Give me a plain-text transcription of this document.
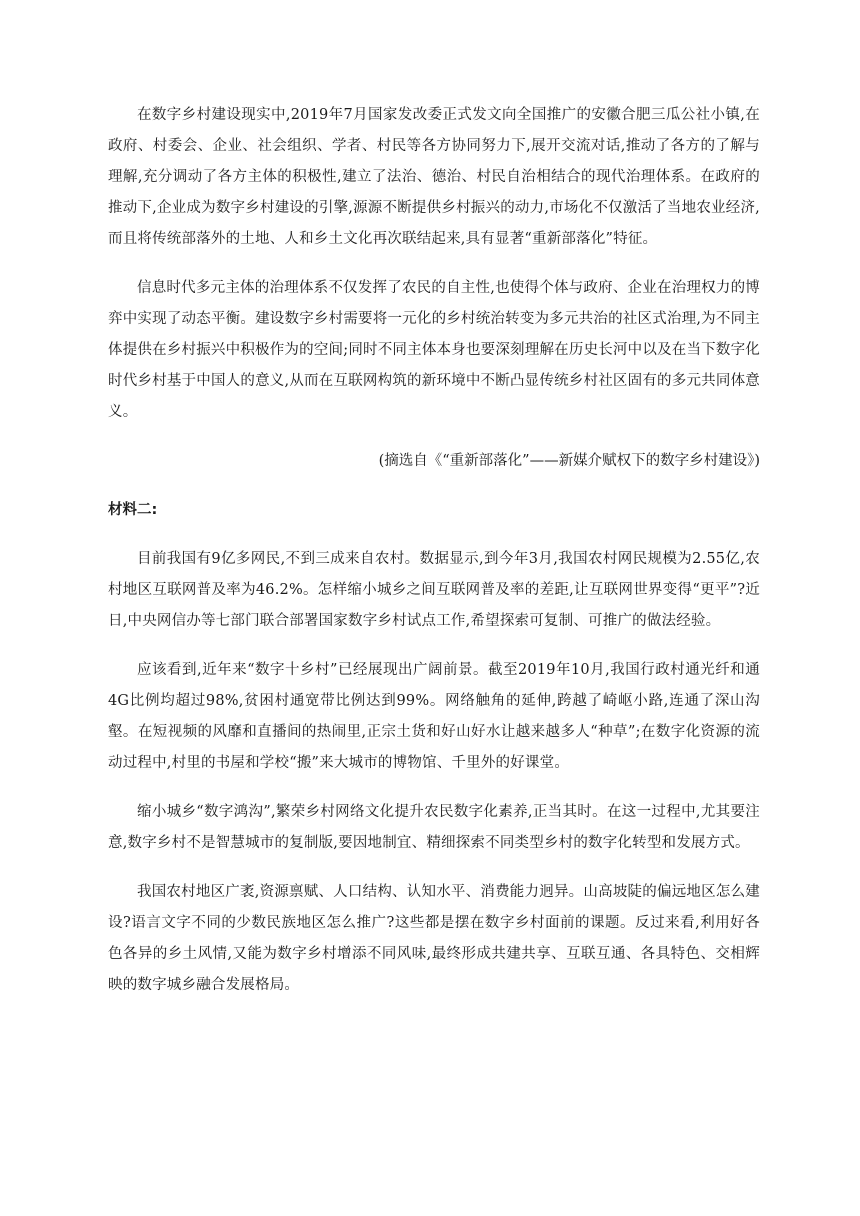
在数字乡村建设现实中,2019年7月国家发改委正式发文向全国推广的安徽合肥三瓜公社小镇,在政府、村委会、企业、社会组织、学者、村民等各方协同努力下,展开交流对话,推动了各方的了解与理解,充分调动了各方主体的积极性,建立了法治、德治、村民自治相结合的现代治理体系。在政府的推动下,企业成为数字乡村建设的引擎,源源不断提供乡村振兴的动力,市场化不仅激活了当地农业经济,而且将传统部落外的土地、人和乡土文化再次联结起来,具有显著“重新部落化”特征。

信息时代多元主体的治理体系不仅发挥了农民的自主性,也使得个体与政府、企业在治理权力的博弈中实现了动态平衡。建设数字乡村需要将一元化的乡村统治转变为多元共治的社区式治理,为不同主体提供在乡村振兴中积极作为的空间;同时不同主体本身也要深刻理解在历史长河中以及在当下数字化时代乡村基于中国人的意义,从而在互联网构筑的新环境中不断凸显传统乡村社区固有的多元共同体意义。

(摘选自《“重新部落化”——新媒介赋权下的数字乡村建设》)

材料二:

目前我国有9亿多网民,不到三成来自农村。数据显示,到今年3月,我国农村网民规模为2.55亿,农村地区互联网普及率为46.2%。怎样缩小城乡之间互联网普及率的差距,让互联网世界变得“更平”?近日,中央网信办等七部门联合部署国家数字乡村试点工作,希望探索可复制、可推广的做法经验。

应该看到,近年来“数字十乡村”已经展现出广阔前景。截至2019年10月,我国行政村通光纤和通4G比例均超过98%,贫困村通宽带比例达到99%。网络触角的延伸,跨越了崎岖小路,连通了深山沟壑。在短视频的风靡和直播间的热闹里,正宗土货和好山好水让越来越多人“种草”;在数字化资源的流动过程中,村里的书屋和学校“搬”来大城市的博物馆、千里外的好课堂。

缩小城乡“数字鸿沟”,繁荣乡村网络文化提升农民数字化素养,正当其时。在这一过程中,尤其要注意,数字乡村不是智慧城市的复制版,要因地制宜、精细探索不同类型乡村的数字化转型和发展方式。

我国农村地区广袤,资源禀赋、人口结构、认知水平、消费能力迥异。山高坡陡的偏远地区怎么建设?语言文字不同的少数民族地区怎么推广?这些都是摆在数字乡村面前的课题。反过来看,利用好各色各异的乡土风情,又能为数字乡村增添不同风味,最终形成共建共享、互联互通、各具特色、交相辉映的数字城乡融合发展格局。
